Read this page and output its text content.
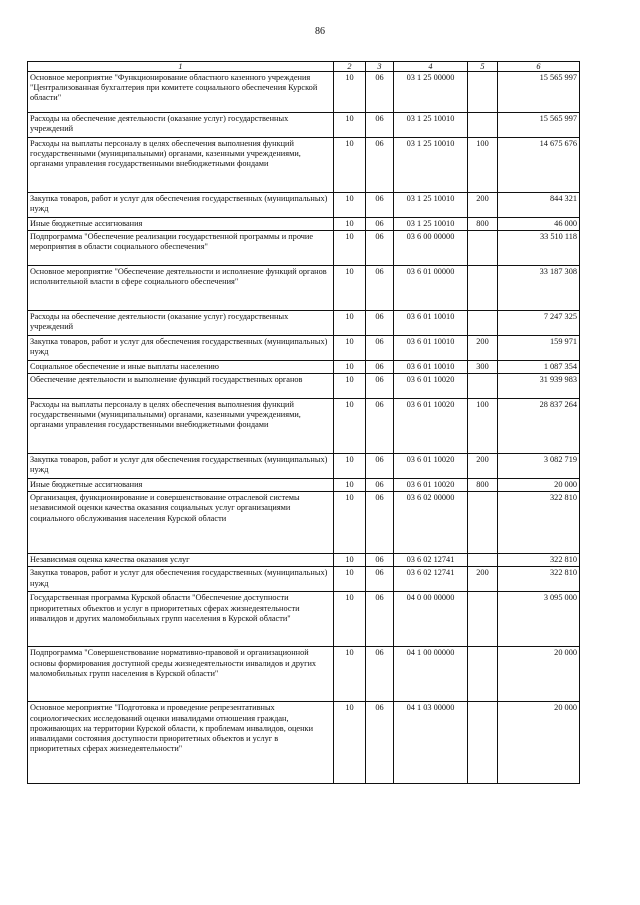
86
1	2	3	4	5	6
Основное мероприятие "Функционирование областного казенного учреждения "Централизованная бухгалтерия при комитете социального обеспечения Курской области"	10	06	03 1 25 00000		15 565 997
Расходы на обеспечение деятельности (оказание услуг) государственных учреждений	10	06	03 1 25 10010		15 565 997
Расходы на выплаты персоналу в целях обеспечения выполнения функций государственными (муниципальными) органами, казенными учреждениями, органами управления государственными внебюджетными фондами	10	06	03 1 25 10010	100	14 675 676
Закупка товаров, работ и услуг для обеспечения государственных (муниципальных) нужд	10	06	03 1 25 10010	200	844 321
Иные бюджетные ассигнования	10	06	03 1 25 10010	800	46 000
Подпрограмма "Обеспечение реализации государственной программы и прочие мероприятия в области социального обеспечения"	10	06	03 6 00 00000		33 510 118
Основное мероприятие "Обеспечение деятельности и исполнение функций органов исполнительной власти в сфере социального обеспечения"	10	06	03 6 01 00000		33 187 308
Расходы на обеспечение деятельности (оказание услуг) государственных учреждений	10	06	03 6 01 10010		7 247 325
Закупка товаров, работ и услуг для обеспечения государственных (муниципальных) нужд	10	06	03 6 01 10010	200	159 971
Социальное обеспечение и иные выплаты населению	10	06	03 6 01 10010	300	1 087 354
Обеспечение деятельности и выполнение функций государственных органов	10	06	03 6 01 10020		31 939 983
Расходы на выплаты персоналу в целях обеспечения выполнения функций государственными (муниципальными) органами, казенными учреждениями, органами управления государственными внебюджетными фондами	10	06	03 6 01 10020	100	28 837 264
Закупка товаров, работ и услуг для обеспечения государственных (муниципальных) нужд	10	06	03 6 01 10020	200	3 082 719
Иные бюджетные ассигнования	10	06	03 6 01 10020	800	20 000
Организация, функционирование и совершенствование отраслевой системы независимой оценки качества оказания социальных услуг организациями социального обслуживания населения Курской области	10	06	03 6 02 00000		322 810
Независимая оценка качества оказания услуг	10	06	03 6 02 12741		322 810
Закупка товаров, работ и услуг для обеспечения государственных (муниципальных) нужд	10	06	03 6 02 12741	200	322 810
Государственная программа Курской области "Обеспечение доступности приоритетных объектов и услуг в приоритетных сферах жизнедеятельности инвалидов и других маломобильных групп населения в Курской области"	10	06	04 0 00 00000		3 095 000
Подпрограмма "Совершенствование нормативно-правовой и организационной основы формирования доступной среды жизнедеятельности инвалидов и других маломобильных групп населения в Курской области"	10	06	04 1 00 00000		20 000
Основное мероприятие "Подготовка и проведение репрезентативных социологических исследований оценки инвалидами отношения граждан, проживающих на территории Курской области, к проблемам инвалидов, оценки инвалидами состояния доступности приоритетных объектов и услуг в приоритетных сферах жизнедеятельности"	10	06	04 1 03 00000		20 000
